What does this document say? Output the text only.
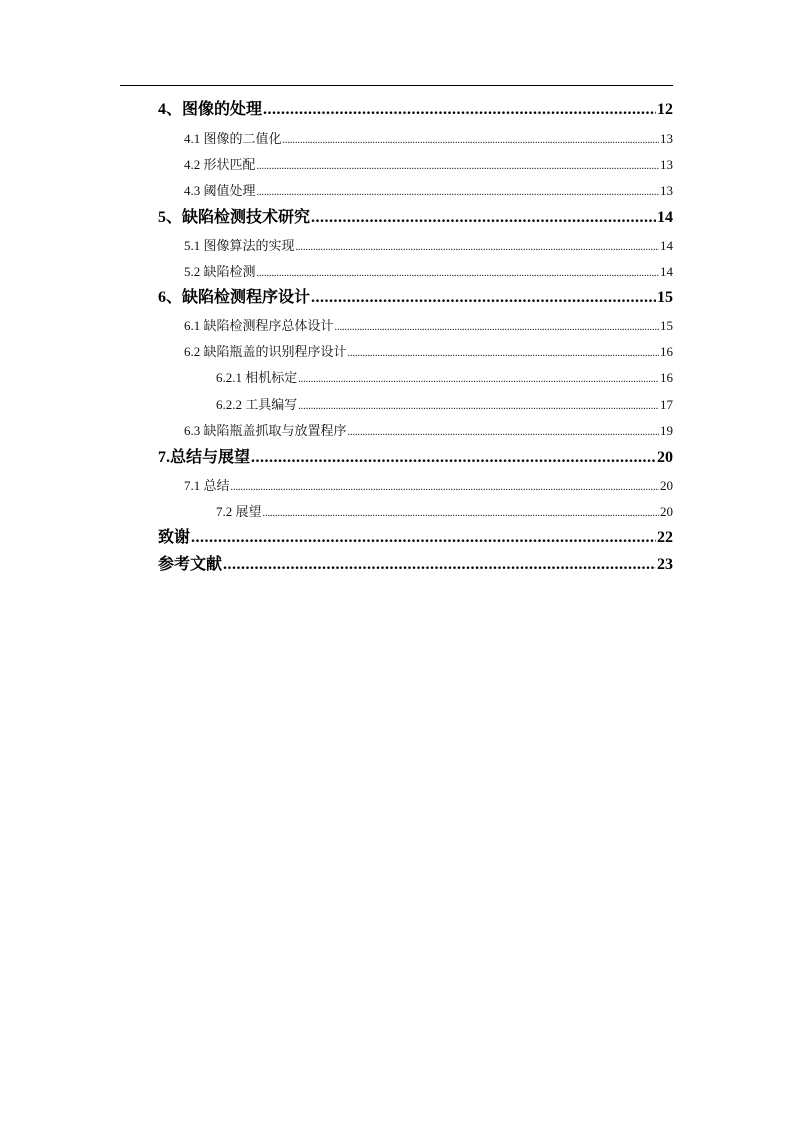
4、图像的处理 .....	12
4.1 图像的二值化 .....	13
4.2 形状匹配 .....	13
4.3 阈值处理 .....	13
5、缺陷检测技术研究 .....	14
5.1 图像算法的实现 .....	14
5.2 缺陷检测 .....	14
6、缺陷检测程序设计 .....	15
6.1 缺陷检测程序总体设计 .....	15
6.2 缺陷瓶盖的识别程序设计 .....	16
6.2.1 相机标定 .....	16
6.2.2 工具编写 .....	17
6.3 缺陷瓶盖抓取与放置程序 .....	19
7.总结与展望 .....	20
7.1 总结 .....	20
7.2 展望 .....	20
致谢 .....	22
参考文献 .....	23
